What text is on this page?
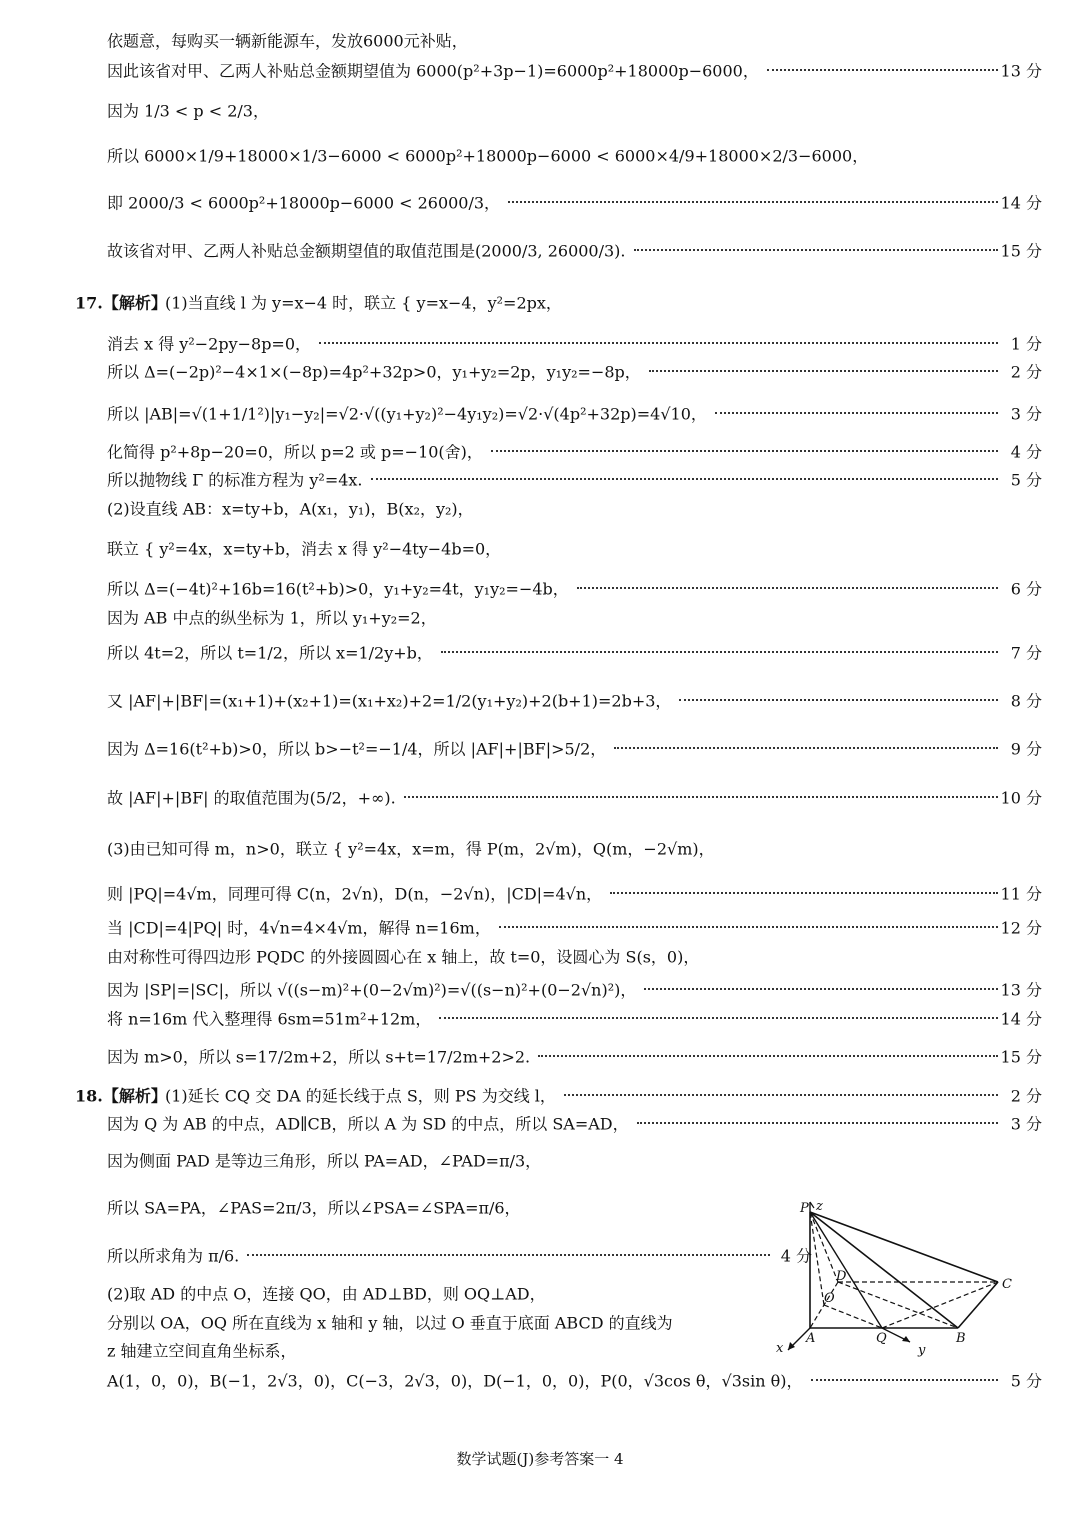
依题意，每购买一辆新能源车，发放6000元补贴，
因此该省对甲、乙两人补贴总金额期望值为 6000(p²+3p−1)=6000p²+18000p−6000，	13 分
因为 1/3 < p < 2/3，
所以 6000×1/9+18000×1/3−6000 < 6000p²+18000p−6000 < 6000×4/9+18000×2/3−6000，
即 2000/3 < 6000p²+18000p−6000 < 26000/3，	14 分
故该省对甲、乙两人补贴总金额期望值的取值范围是(2000/3, 26000/3).	15 分
17.【解析】
(1)当直线 l 为 y=x−4 时，联立 { y=x−4，y²=2px，
消去 x 得 y²−2py−8p=0，	1 分
所以 Δ=(−2p)²−4×1×(−8p)=4p²+32p>0，y₁+y₂=2p，y₁y₂=−8p，	2 分
所以 |AB|=√(1+1/1²)|y₁−y₂|=√2·√((y₁+y₂)²−4y₁y₂)=√2·√(4p²+32p)=4√10，	3 分
化简得 p²+8p−20=0，所以 p=2 或 p=−10(舍)，	4 分
所以抛物线 Γ 的标准方程为 y²=4x.	5 分
(2)设直线 AB：x=ty+b，A(x₁，y₁)，B(x₂，y₂)，
联立 { y²=4x，x=ty+b，消去 x 得 y²−4ty−4b=0，
所以 Δ=(−4t)²+16b=16(t²+b)>0，y₁+y₂=4t，y₁y₂=−4b，	6 分
因为 AB 中点的纵坐标为 1，所以 y₁+y₂=2，
所以 4t=2，所以 t=1/2，所以 x=1/2y+b，	7 分
又 |AF|+|BF|=(x₁+1)+(x₂+1)=(x₁+x₂)+2=1/2(y₁+y₂)+2(b+1)=2b+3，	8 分
因为 Δ=16(t²+b)>0，所以 b>−t²=−1/4，所以 |AF|+|BF|>5/2，	9 分
故 |AF|+|BF| 的取值范围为(5/2，+∞).	10 分
(3)由已知可得 m，n>0，联立 { y²=4x，x=m，得 P(m，2√m)，Q(m，−2√m)，
则 |PQ|=4√m，同理可得 C(n，2√n)，D(n，−2√n)，|CD|=4√n，	11 分
当 |CD|=4|PQ| 时，4√n=4×4√m，解得 n=16m，	12 分
由对称性可得四边形 PQDC 的外接圆圆心在 x 轴上，故 t=0，设圆心为 S(s，0)，
因为 |SP|=|SC|，所以 √((s−m)²+(0−2√m)²)=√((s−n)²+(0−2√n)²)，	13 分
将 n=16m 代入整理得 6sm=51m²+12m，	14 分
因为 m>0，所以 s=17/2m+2，所以 s+t=17/2m+2>2.	15 分
18.【解析】
(1)延长 CQ 交 DA 的延长线于点 S，则 PS 为交线 l，	2 分
因为 Q 为 AB 的中点，AD∥CB，所以 A 为 SD 的中点，所以 SA=AD，	3 分
因为侧面 PAD 是等边三角形，所以 PA=AD，∠PAD=π/3，
所以 SA=PA，∠PAS=2π/3，所以∠PSA=∠SPA=π/6，
所以所求角为 π/6.	4 分
(2)取 AD 的中点 O，连接 QO，由 AD⊥BD，则 OQ⊥AD，
分别以 OA，OQ 所在直线为 x 轴和 y 轴，以过 O 垂直于底面 ABCD 的直线为
z 轴建立空间直角坐标系，
A(1，0，0)，B(−1，2√3，0)，C(−3，2√3，0)，D(−1，0，0)，P(0，√3cos θ，√3sin θ)，	5 分
P z
C
D
O
A	Q	B
x	y
数学试题(J)参考答案一 4
